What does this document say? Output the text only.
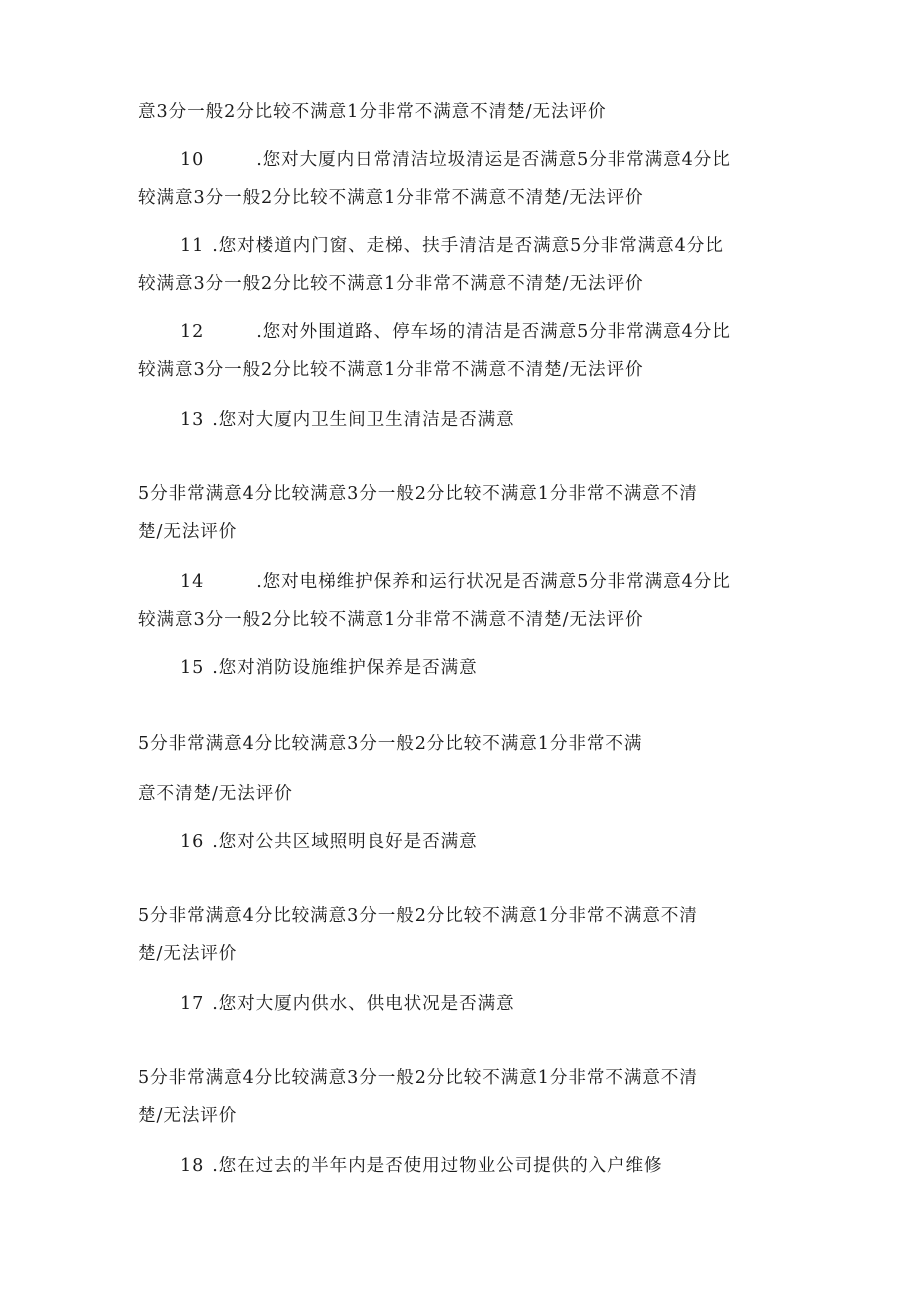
意3分一般2分比较不满意1分非常不满意不清楚/无法评价
10	.您对大厦内日常清洁垃圾清运是否满意5分非常满意4分比
较满意3分一般2分比较不满意1分非常不满意不清楚/无法评价
11 .您对楼道内门窗、走梯、扶手清洁是否满意5分非常满意4分比
较满意3分一般2分比较不满意1分非常不满意不清楚/无法评价
12	.您对外围道路、停车场的清洁是否满意5分非常满意4分比
较满意3分一般2分比较不满意1分非常不满意不清楚/无法评价
13 .您对大厦内卫生间卫生清洁是否满意
5分非常满意4分比较满意3分一般2分比较不满意1分非常不满意不清
楚/无法评价
14	.您对电梯维护保养和运行状况是否满意5分非常满意4分比
较满意3分一般2分比较不满意1分非常不满意不清楚/无法评价
15 .您对消防设施维护保养是否满意
5分非常满意4分比较满意3分一般2分比较不满意1分非常不满
意不清楚/无法评价
16 .您对公共区域照明良好是否满意
5分非常满意4分比较满意3分一般2分比较不满意1分非常不满意不清
楚/无法评价
17 .您对大厦内供水、供电状况是否满意
5分非常满意4分比较满意3分一般2分比较不满意1分非常不满意不清
楚/无法评价
18 .您在过去的半年内是否使用过物业公司提供的入户维修
